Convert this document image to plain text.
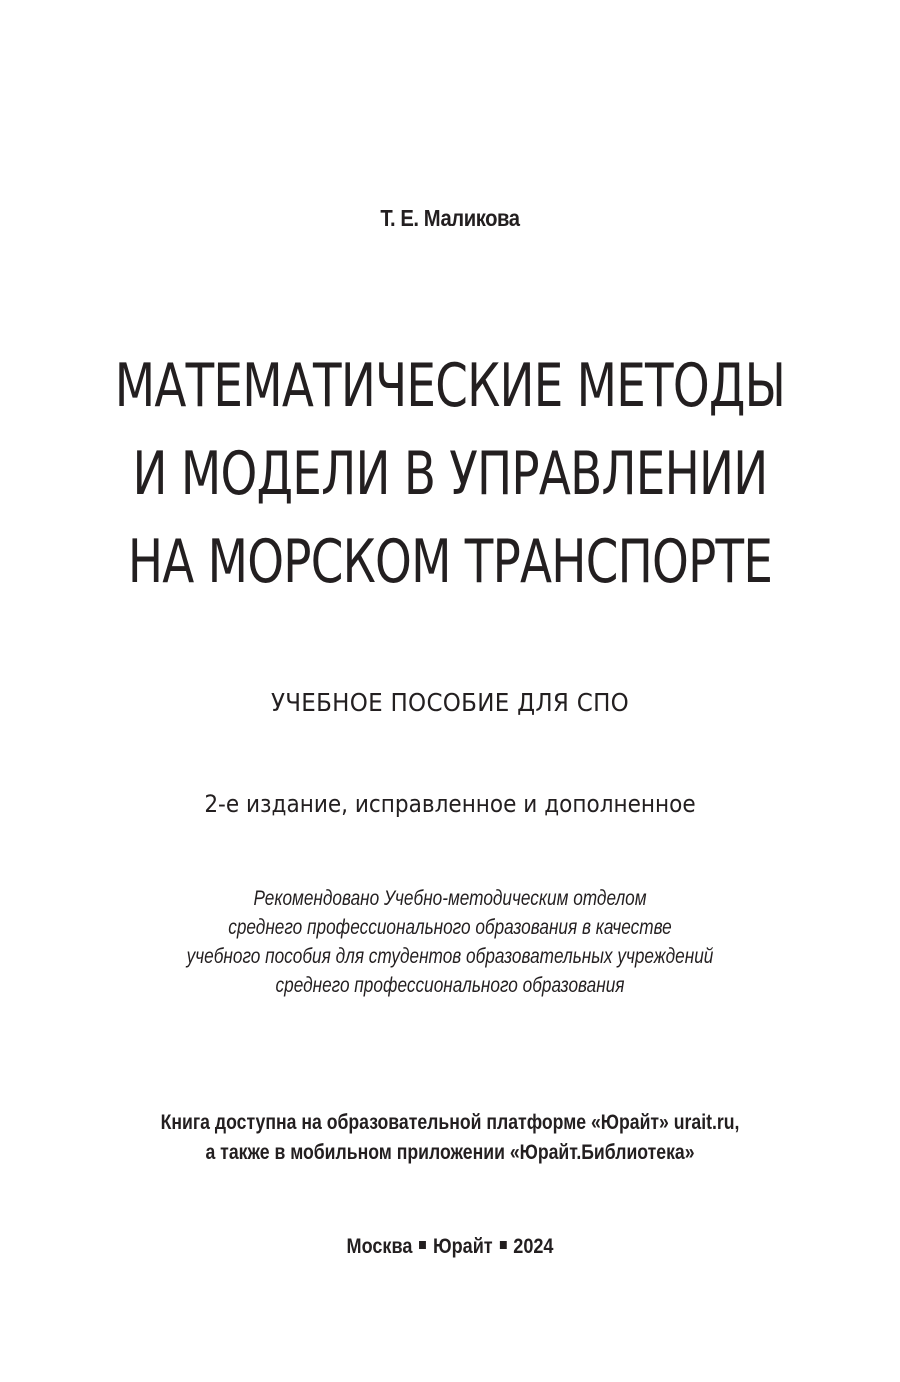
Т. Е. Маликова
МАТЕМАТИЧЕСКИЕ МЕТОДЫ
И МОДЕЛИ В УПРАВЛЕНИИ
НА МОРСКОМ ТРАНСПОРТЕ
УЧЕБНОЕ ПОСОБИЕ ДЛЯ СПО
2-е издание, исправленное и дополненное
Рекомендовано Учебно-методическим отделом
среднего профессионального образования в качестве
учебного пособия для студентов образовательных учреждений
среднего профессионального образования
Книга доступна на образовательной платформе «Юрайт» urait.ru,
а также в мобильном приложении «Юрайт.Библиотека»
Москва Юрайт 2024
